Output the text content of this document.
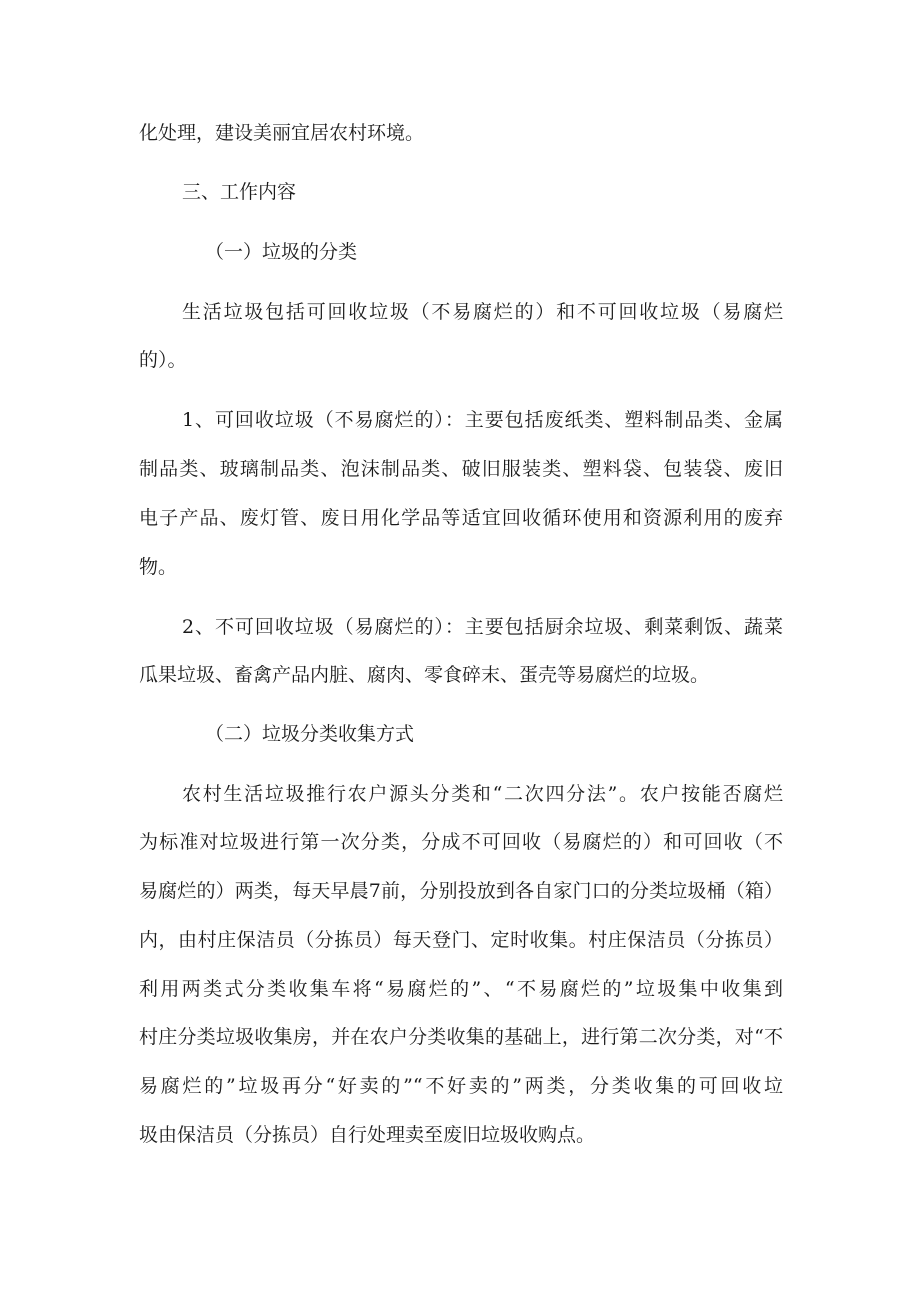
化处理，建设美丽宜居农村环境。
三、工作内容
（一）垃圾的分类
生活垃圾包括可回收垃圾（不易腐烂的）和不可回收垃圾（易腐烂
的）。
1、可回收垃圾（不易腐烂的）：主要包括废纸类、塑料制品类、金属
制品类、玻璃制品类、泡沫制品类、破旧服装类、塑料袋、包装袋、废旧
电子产品、废灯管、废日用化学品等适宜回收循环使用和资源利用的废弃
物。
2、不可回收垃圾（易腐烂的）：主要包括厨余垃圾、剩菜剩饭、蔬菜
瓜果垃圾、畜禽产品内脏、腐肉、零食碎末、蛋壳等易腐烂的垃圾。
（二）垃圾分类收集方式
农村生活垃圾推行农户源头分类和“二次四分法”。农户按能否腐烂
为标准对垃圾进行第一次分类，分成不可回收（易腐烂的）和可回收（不
易腐烂的）两类，每天早晨7前，分别投放到各自家门口的分类垃圾桶（箱）
内，由村庄保洁员（分拣员）每天登门、定时收集。村庄保洁员（分拣员）
利用两类式分类收集车将“易腐烂的”、“不易腐烂的”垃圾集中收集到
村庄分类垃圾收集房，并在农户分类收集的基础上，进行第二次分类，对“不
易腐烂的”垃圾再分“好卖的”“不好卖的”两类，分类收集的可回收垃
圾由保洁员（分拣员）自行处理卖至废旧垃圾收购点。
